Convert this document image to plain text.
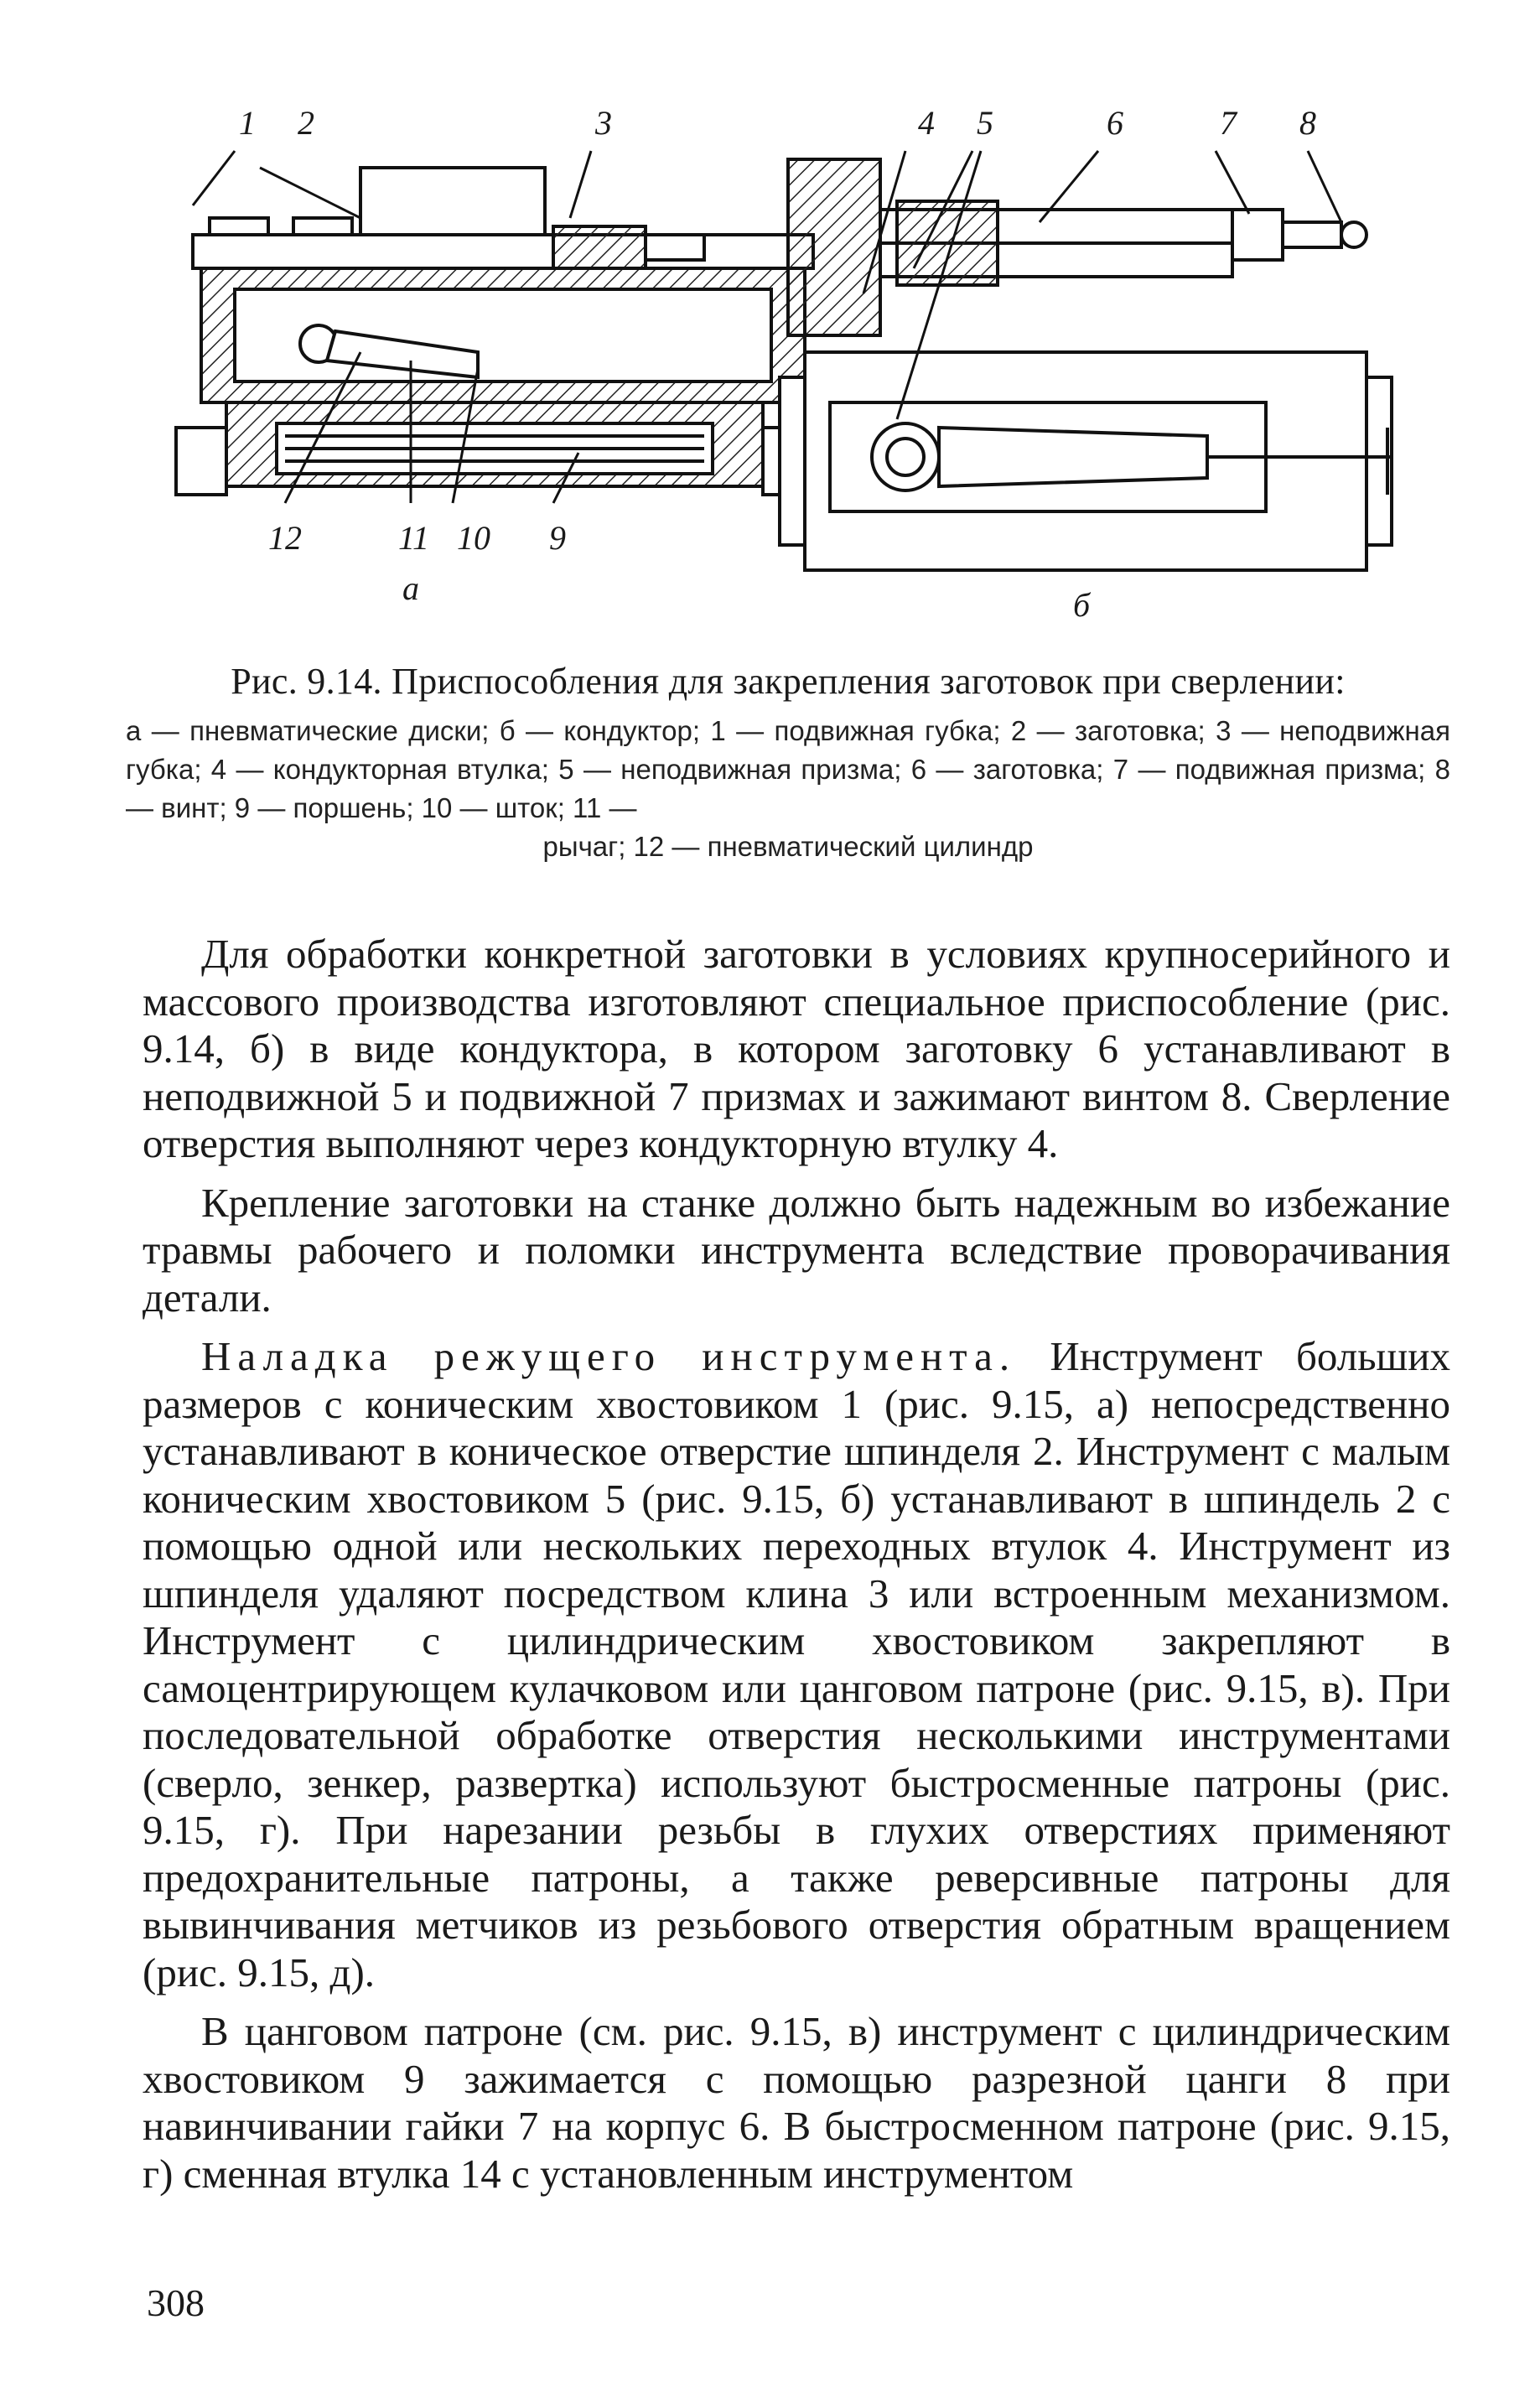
1 2	3
12	11 10 9
а
4 5	6	7 8
б
Рис. 9.14. Приспособления для закрепления заготовок при сверлении:
а — пневматические диски; б — кондуктор; 1 — подвижная губка; 2 — заготовка; 3 — неподвижная губка; 4 — кондукторная втулка; 5 — неподвижная призма; 6 — заготовка; 7 — подвижная призма; 8 — винт; 9 — поршень; 10 — шток; 11 —
рычаг; 12 — пневматический цилиндр

Для обработки конкретной заготовки в условиях крупносерийного и массового производства изготовляют специальное приспособление (рис. 9.14, б) в виде кондуктора, в котором заготовку 6 устанавливают в неподвижной 5 и подвижной 7 призмах и зажимают винтом 8. Сверление отверстия выполняют через кондукторную втулку 4.

Крепление заготовки на станке должно быть надежным во избежание травмы рабочего и поломки инструмента вследствие проворачивания детали.

Наладка режущего инструмента. Инструмент больших размеров с коническим хвостовиком 1 (рис. 9.15, а) непосредственно устанавливают в коническое отверстие шпинделя 2. Инструмент с малым коническим хвостовиком 5 (рис. 9.15, б) устанавливают в шпиндель 2 с помощью одной или нескольких переходных втулок 4. Инструмент из шпинделя удаляют посредством клина 3 или встроенным механизмом. Инструмент с цилиндрическим хвостовиком закрепляют в самоцентрирующем кулачковом или цанговом патроне (рис. 9.15, в). При последовательной обработке отверстия несколькими инструментами (сверло, зенкер, развертка) используют быстросменные патроны (рис. 9.15, г). При нарезании резьбы в глухих отверстиях применяют предохранительные патроны, а также реверсивные патроны для вывинчивания метчиков из резьбового отверстия обратным вращением (рис. 9.15, д).

В цанговом патроне (см. рис. 9.15, в) инструмент с цилиндрическим хвостовиком 9 зажимается с помощью разрезной цанги 8 при навинчивании гайки 7 на корпус 6. В быстросменном патроне (рис. 9.15, г) сменная втулка 14 с установленным инструментом

308
